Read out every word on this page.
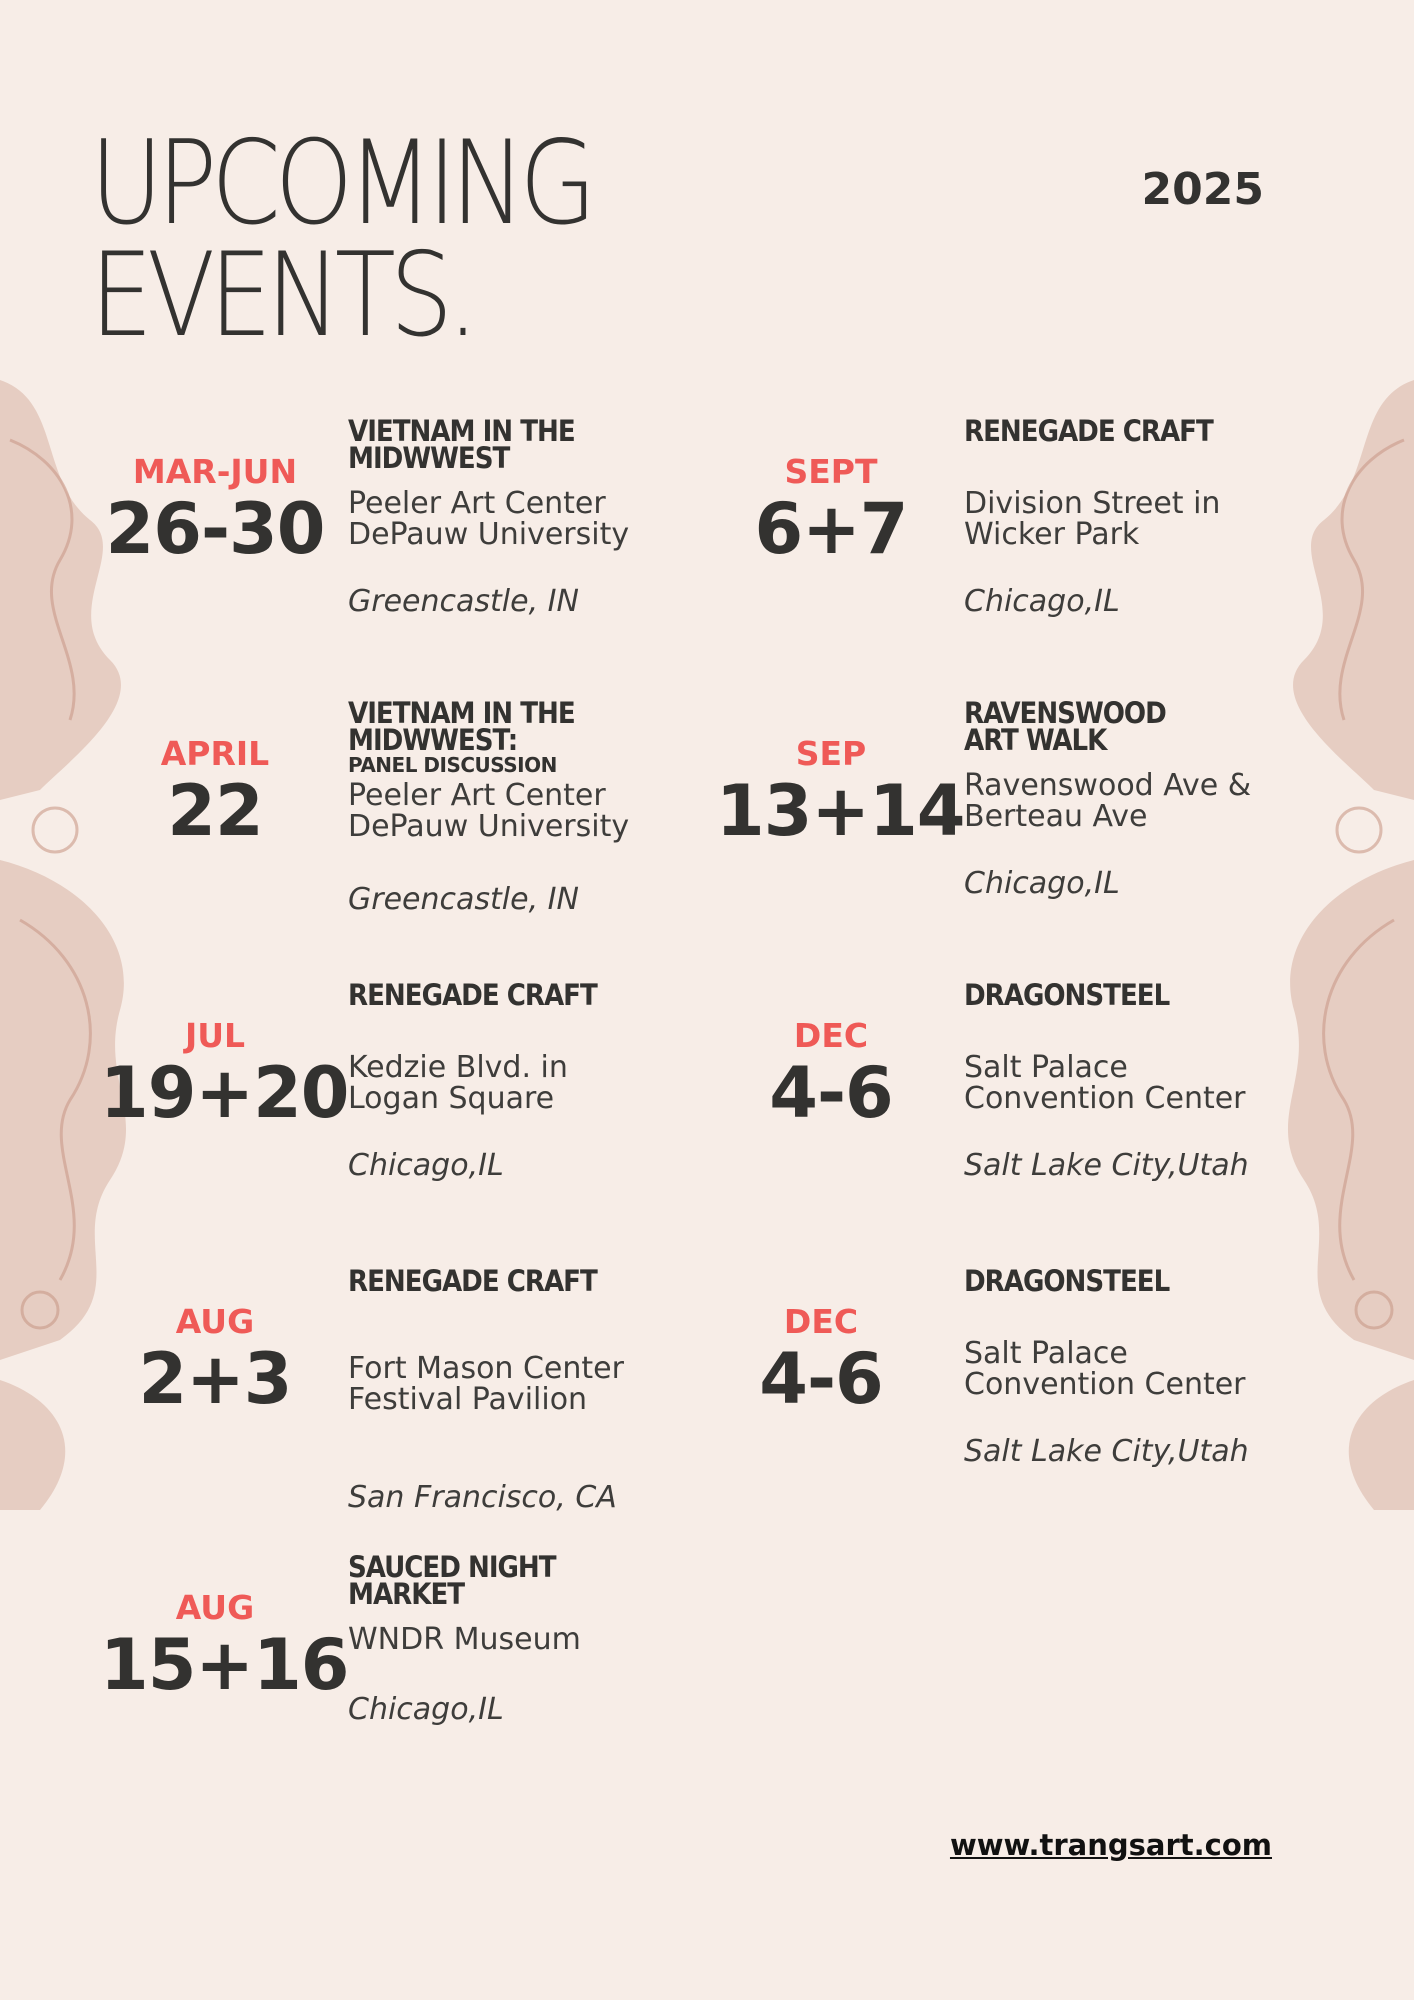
UPCOMING
EVENTS.
2025
MAR-JUN
26-30
VIETNAM IN THE
MIDWWEST
Peeler Art Center
DePauw University
Greencastle, IN
SEPT
6+7
RENEGADE CRAFT
Division Street in
Wicker Park
Chicago,IL
APRIL
22
VIETNAM IN THE
MIDWWEST:
PANEL DISCUSSION
Peeler Art Center
DePauw University
Greencastle, IN
SEP
13+14
RAVENSWOOD
ART WALK
Ravenswood Ave &
Berteau Ave
Chicago,IL
JUL
19+20
RENEGADE CRAFT
Kedzie Blvd. in
Logan Square
Chicago,IL
DEC
4-6
DRAGONSTEEL
Salt Palace
Convention Center
Salt Lake City,Utah
AUG
2+3
RENEGADE CRAFT
Fort Mason Center
Festival Pavilion
San Francisco, CA
DEC
4-6
DRAGONSTEEL
Salt Palace
Convention Center
Salt Lake City,Utah
AUG
15+16
SAUCED NIGHT
MARKET
WNDR Museum
Chicago,IL
www.trangsart.com
